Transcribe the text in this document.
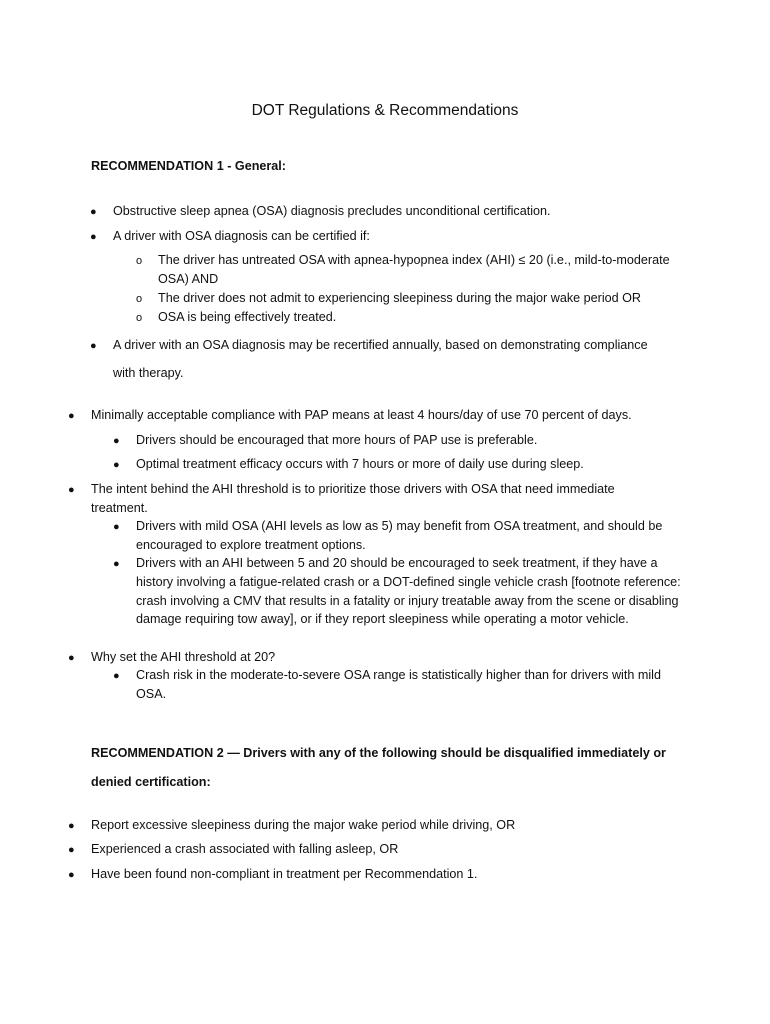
DOT Regulations & Recommendations
RECOMMENDATION 1 - General:
● Obstructive sleep apnea (OSA) diagnosis precludes unconditional certification.
● A driver with OSA diagnosis can be certified if:
o The driver has untreated OSA with apnea-hypopnea index (AHI) ≤ 20 (i.e., mild-to-moderate OSA) AND
o The driver does not admit to experiencing sleepiness during the major wake period OR
o OSA is being effectively treated.
● A driver with an OSA diagnosis may be recertified annually, based on demonstrating compliance with therapy.
● Minimally acceptable compliance with PAP means at least 4 hours/day of use 70 percent of days.
● Drivers should be encouraged that more hours of PAP use is preferable.
● Optimal treatment efficacy occurs with 7 hours or more of daily use during sleep.
● The intent behind the AHI threshold is to prioritize those drivers with OSA that need immediate treatment.
● Drivers with mild OSA (AHI levels as low as 5) may benefit from OSA treatment, and should be encouraged to explore treatment options.
● Drivers with an AHI between 5 and 20 should be encouraged to seek treatment, if they have a history involving a fatigue-related crash or a DOT-defined single vehicle crash [footnote reference: crash involving a CMV that results in a fatality or injury treatable away from the scene or disabling damage requiring tow away], or if they report sleepiness while operating a motor vehicle.
● Why set the AHI threshold at 20?
● Crash risk in the moderate-to-severe OSA range is statistically higher than for drivers with mild OSA.
RECOMMENDATION 2 — Drivers with any of the following should be disqualified immediately or denied certification:
● Report excessive sleepiness during the major wake period while driving, OR
● Experienced a crash associated with falling asleep, OR
● Have been found non-compliant in treatment per Recommendation 1.
